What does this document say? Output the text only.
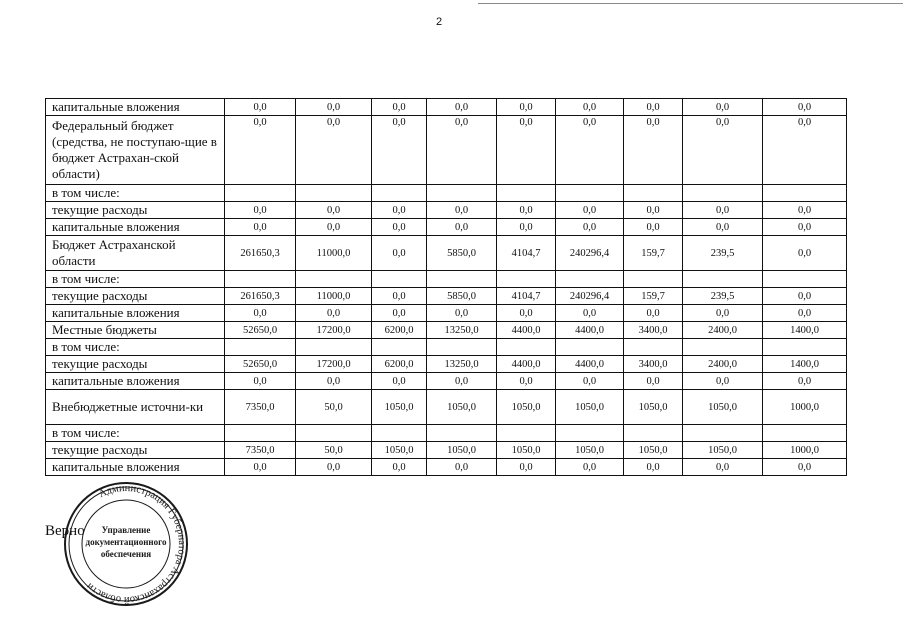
2
капитальные вложения	0,0	0,0	0,0	0,0	0,0	0,0	0,0	0,0	0,0
Федеральный бюджет (средства, не поступаю-щие в бюджет Астрахан-ской области)	0,0	0,0	0,0	0,0	0,0	0,0	0,0	0,0	0,0
в том числе:									
текущие расходы	0,0	0,0	0,0	0,0	0,0	0,0	0,0	0,0	0,0
капитальные вложения	0,0	0,0	0,0	0,0	0,0	0,0	0,0	0,0	0,0
Бюджет Астраханской области	261650,3	11000,0	0,0	5850,0	4104,7	240296,4	159,7	239,5	0,0
в том числе:									
текущие расходы	261650,3	11000,0	0,0	5850,0	4104,7	240296,4	159,7	239,5	0,0
капитальные вложения	0,0	0,0	0,0	0,0	0,0	0,0	0,0	0,0	0,0
Местные бюджеты	52650,0	17200,0	6200,0	13250,0	4400,0	4400,0	3400,0	2400,0	1400,0
в том числе:									
текущие расходы	52650,0	17200,0	6200,0	13250,0	4400,0	4400,0	3400,0	2400,0	1400,0
капитальные вложения	0,0	0,0	0,0	0,0	0,0	0,0	0,0	0,0	0,0
Внебюджетные источни-ки	7350,0	50,0	1050,0	1050,0	1050,0	1050,0	1050,0	1050,0	1000,0
в том числе:									
текущие расходы	7350,0	50,0	1050,0	1050,0	1050,0	1050,0	1050,0	1050,0	1000,0
капитальные вложения	0,0	0,0	0,0	0,0	0,0	0,0	0,0	0,0	0,0
Верно
Администрация Губернатора Астраханской области
Управление
документационного
обеспечения
